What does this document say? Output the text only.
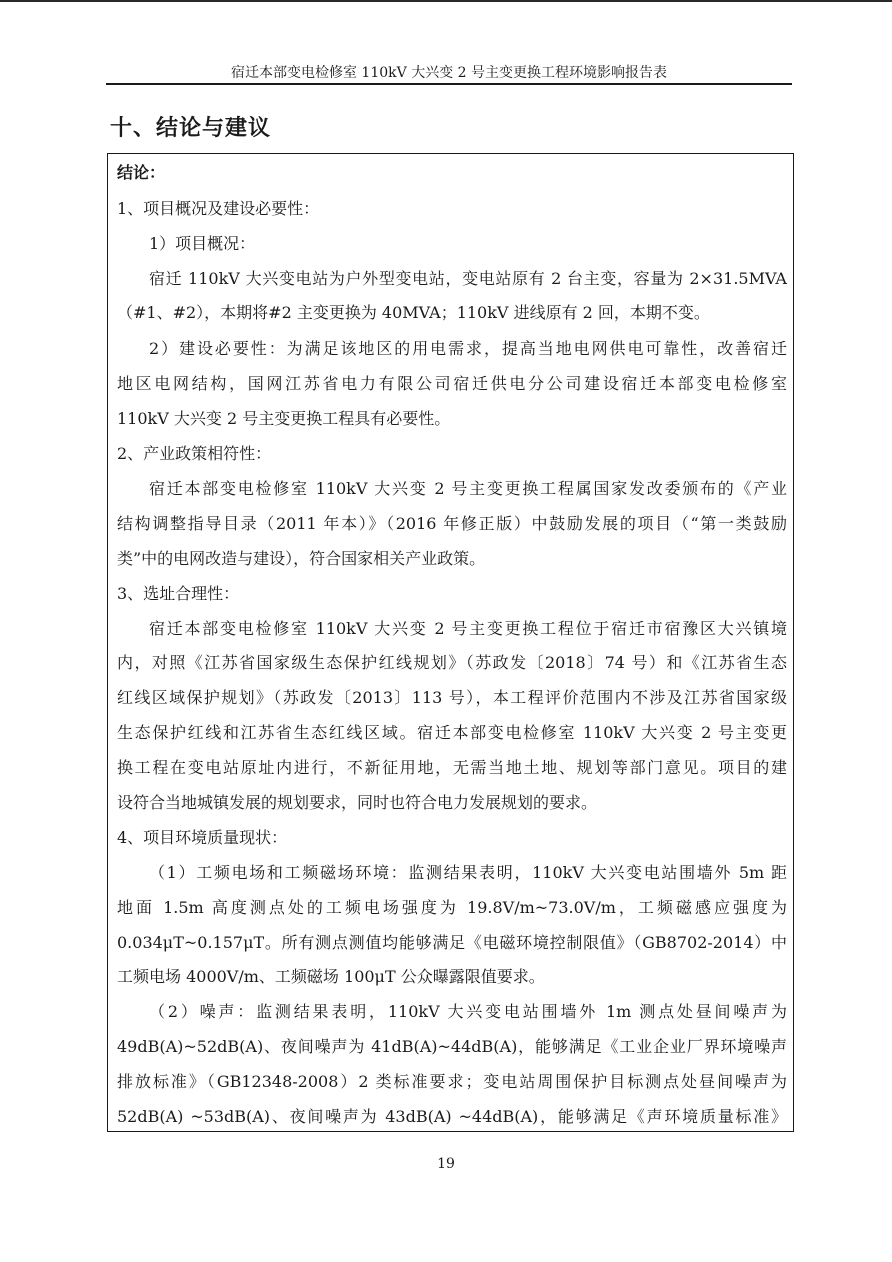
宿迁本部变电检修室 110kV 大兴变 2 号主变更换工程环境影响报告表
十、结论与建议
结论：
1、项目概况及建设必要性：
1）项目概况：
宿迁 110kV 大兴变电站为户外型变电站，变电站原有 2 台主变，容量为 2×31.5MVA
（#1、#2），本期将#2 主变更换为 40MVA；110kV 进线原有 2 回，本期不变。
2）建设必要性：为满足该地区的用电需求，提高当地电网供电可靠性，改善宿迁
地区电网结构，国网江苏省电力有限公司宿迁供电分公司建设宿迁本部变电检修室
110kV 大兴变 2 号主变更换工程具有必要性。
2、产业政策相符性：
宿迁本部变电检修室 110kV 大兴变 2 号主变更换工程属国家发改委颁布的《产业
结构调整指导目录（2011 年本）》（2016 年修正版）中鼓励发展的项目（“第一类鼓励
类”中的电网改造与建设），符合国家相关产业政策。
3、选址合理性：
宿迁本部变电检修室 110kV 大兴变 2 号主变更换工程位于宿迁市宿豫区大兴镇境
内，对照《江苏省国家级生态保护红线规划》（苏政发〔2018〕74 号）和《江苏省生态
红线区域保护规划》（苏政发〔2013〕113 号），本工程评价范围内不涉及江苏省国家级
生态保护红线和江苏省生态红线区域。宿迁本部变电检修室 110kV 大兴变 2 号主变更
换工程在变电站原址内进行，不新征用地，无需当地土地、规划等部门意见。项目的建
设符合当地城镇发展的规划要求，同时也符合电力发展规划的要求。
4、项目环境质量现状：
（1）工频电场和工频磁场环境：监测结果表明，110kV 大兴变电站围墙外 5m 距
地面 1.5m 高度测点处的工频电场强度为 19.8V/m~73.0V/m，工频磁感应强度为
0.034μT~0.157μT。所有测点测值均能够满足《电磁环境控制限值》（GB8702-2014）中
工频电场 4000V/m、工频磁场 100μT 公众曝露限值要求。
（2）噪声：监测结果表明，110kV 大兴变电站围墙外 1m 测点处昼间噪声为
49dB(A)~52dB(A)、夜间噪声为 41dB(A)~44dB(A)，能够满足《工业企业厂界环境噪声
排放标准》（GB12348-2008）2 类标准要求；变电站周围保护目标测点处昼间噪声为
52dB(A) ~53dB(A)、夜间噪声为 43dB(A) ~44dB(A)，能够满足《声环境质量标准》
19
